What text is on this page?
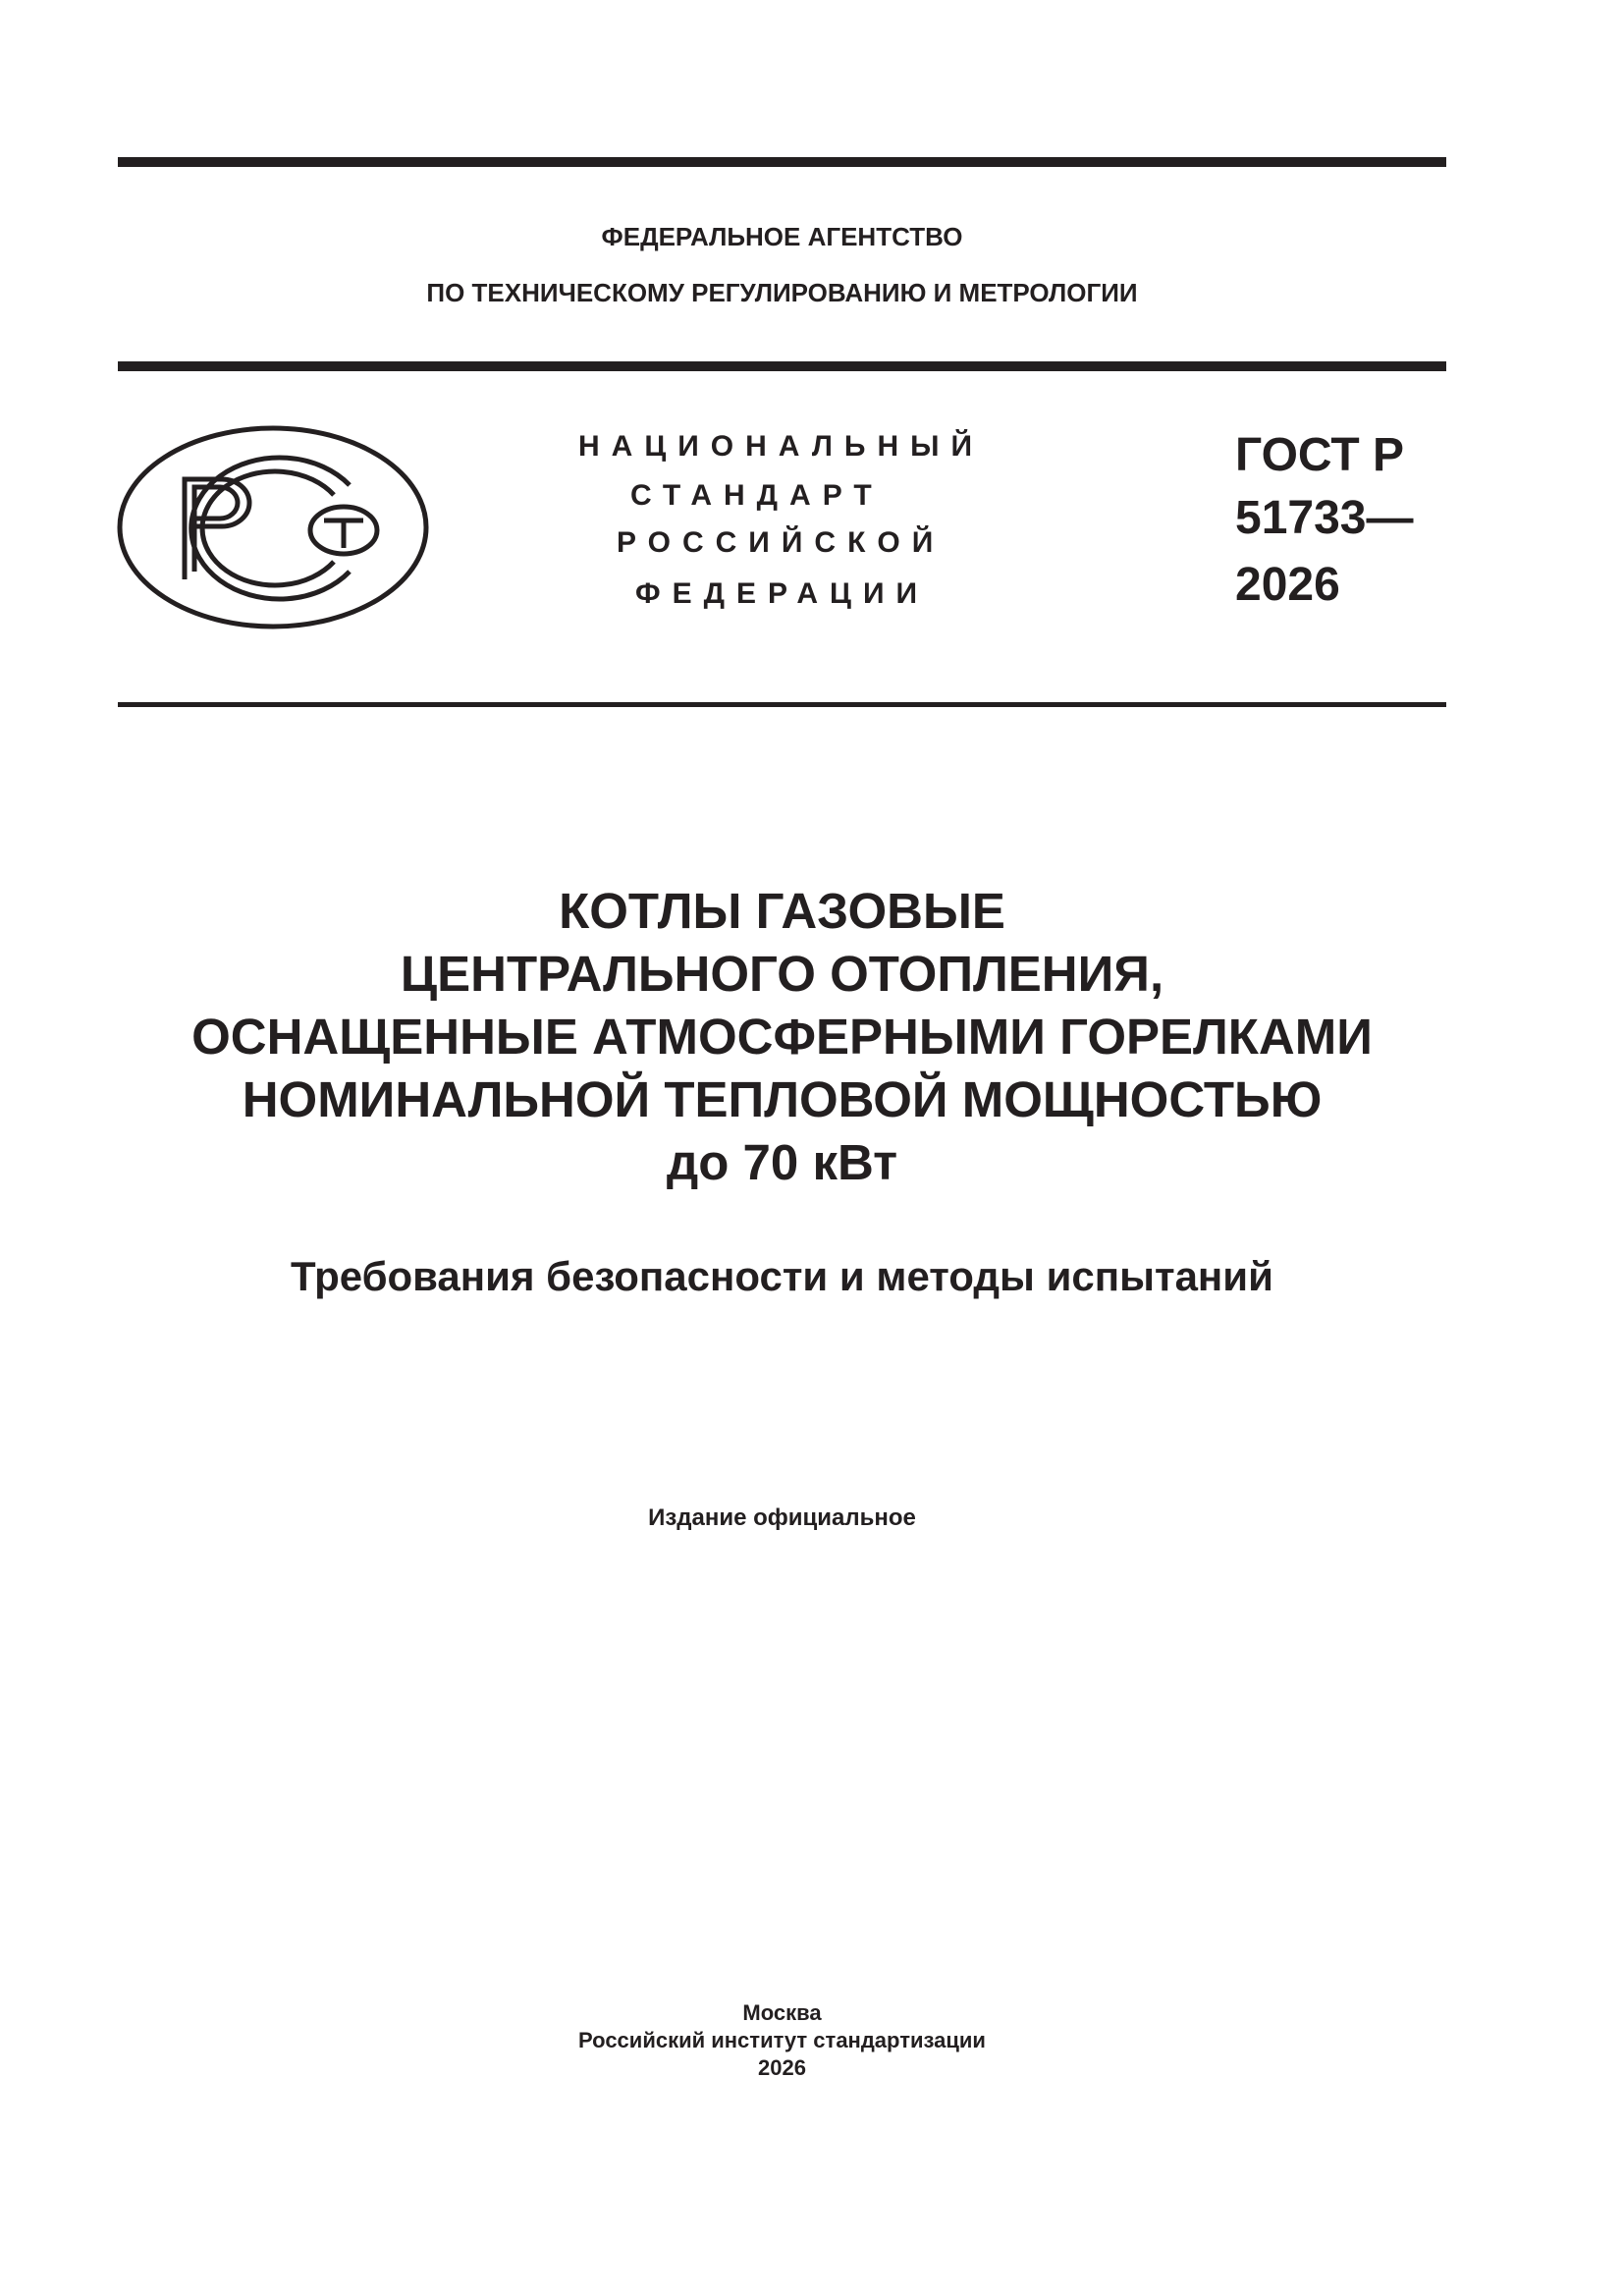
ФЕДЕРАЛЬНОЕ АГЕНТСТВО
ПО ТЕХНИЧЕСКОМУ РЕГУЛИРОВАНИЮ И МЕТРОЛОГИИ
НАЦИОНАЛЬНЫЙ
СТАНДАРТ
РОССИЙСКОЙ
ФЕДЕРАЦИИ
ГОСТ Р
51733—
2026
КОТЛЫ ГАЗОВЫЕ
ЦЕНТРАЛЬНОГО ОТОПЛЕНИЯ,
ОСНАЩЕННЫЕ АТМОСФЕРНЫМИ ГОРЕЛКАМИ
НОМИНАЛЬНОЙ ТЕПЛОВОЙ МОЩНОСТЬЮ
до 70 кВт
Требования безопасности и методы испытаний
Издание официальное
Москва
Российский институт стандартизации
2026
